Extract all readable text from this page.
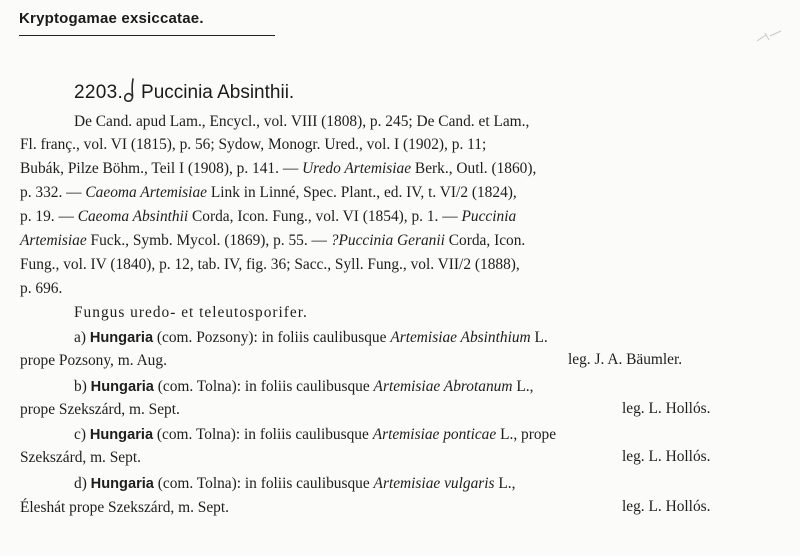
Kryptogamae exsiccatae.
2203. Puccinia Absinthii.
De Cand. apud Lam., Encycl., vol. VIII (1808), p. 245; De Cand. et Lam.,
Fl. franç., vol. VI (1815), p. 56; Sydow, Monogr. Ured., vol. I (1902), p. 11;
Bubák, Pilze Böhm., Teil I (1908), p. 141. — Uredo Artemisiae Berk., Outl. (1860),
p. 332. — Caeoma Artemisiae Link in Linné, Spec. Plant., ed. IV, t. VI/2 (1824),
p. 19. — Caeoma Absinthii Corda, Icon. Fung., vol. VI (1854), p. 1. — Puccinia
Artemisiae Fuck., Symb. Mycol. (1869), p. 55. — ?Puccinia Geranii Corda, Icon.
Fung., vol. IV (1840), p. 12, tab. IV, fig. 36; Sacc., Syll. Fung., vol. VII/2 (1888),
p. 696.
Fungus uredo- et teleutosporifer.
a) Hungaria (com. Pozsony): in foliis caulibusque Artemisiae Absinthium L.
prope Pozsony, m. Aug.	leg. J. A. Bäumler.
b) Hungaria (com. Tolna): in foliis caulibusque Artemisiae Abrotanum L.,
prope Szekszárd, m. Sept.	leg. L. Hollós.
c) Hungaria (com. Tolna): in foliis caulibusque Artemisiae ponticae L., prope
Szekszárd, m. Sept.	leg. L. Hollós.
d) Hungaria (com. Tolna): in foliis caulibusque Artemisiae vulgaris L.,
Éleshát prope Szekszárd, m. Sept.	leg. L. Hollós.
